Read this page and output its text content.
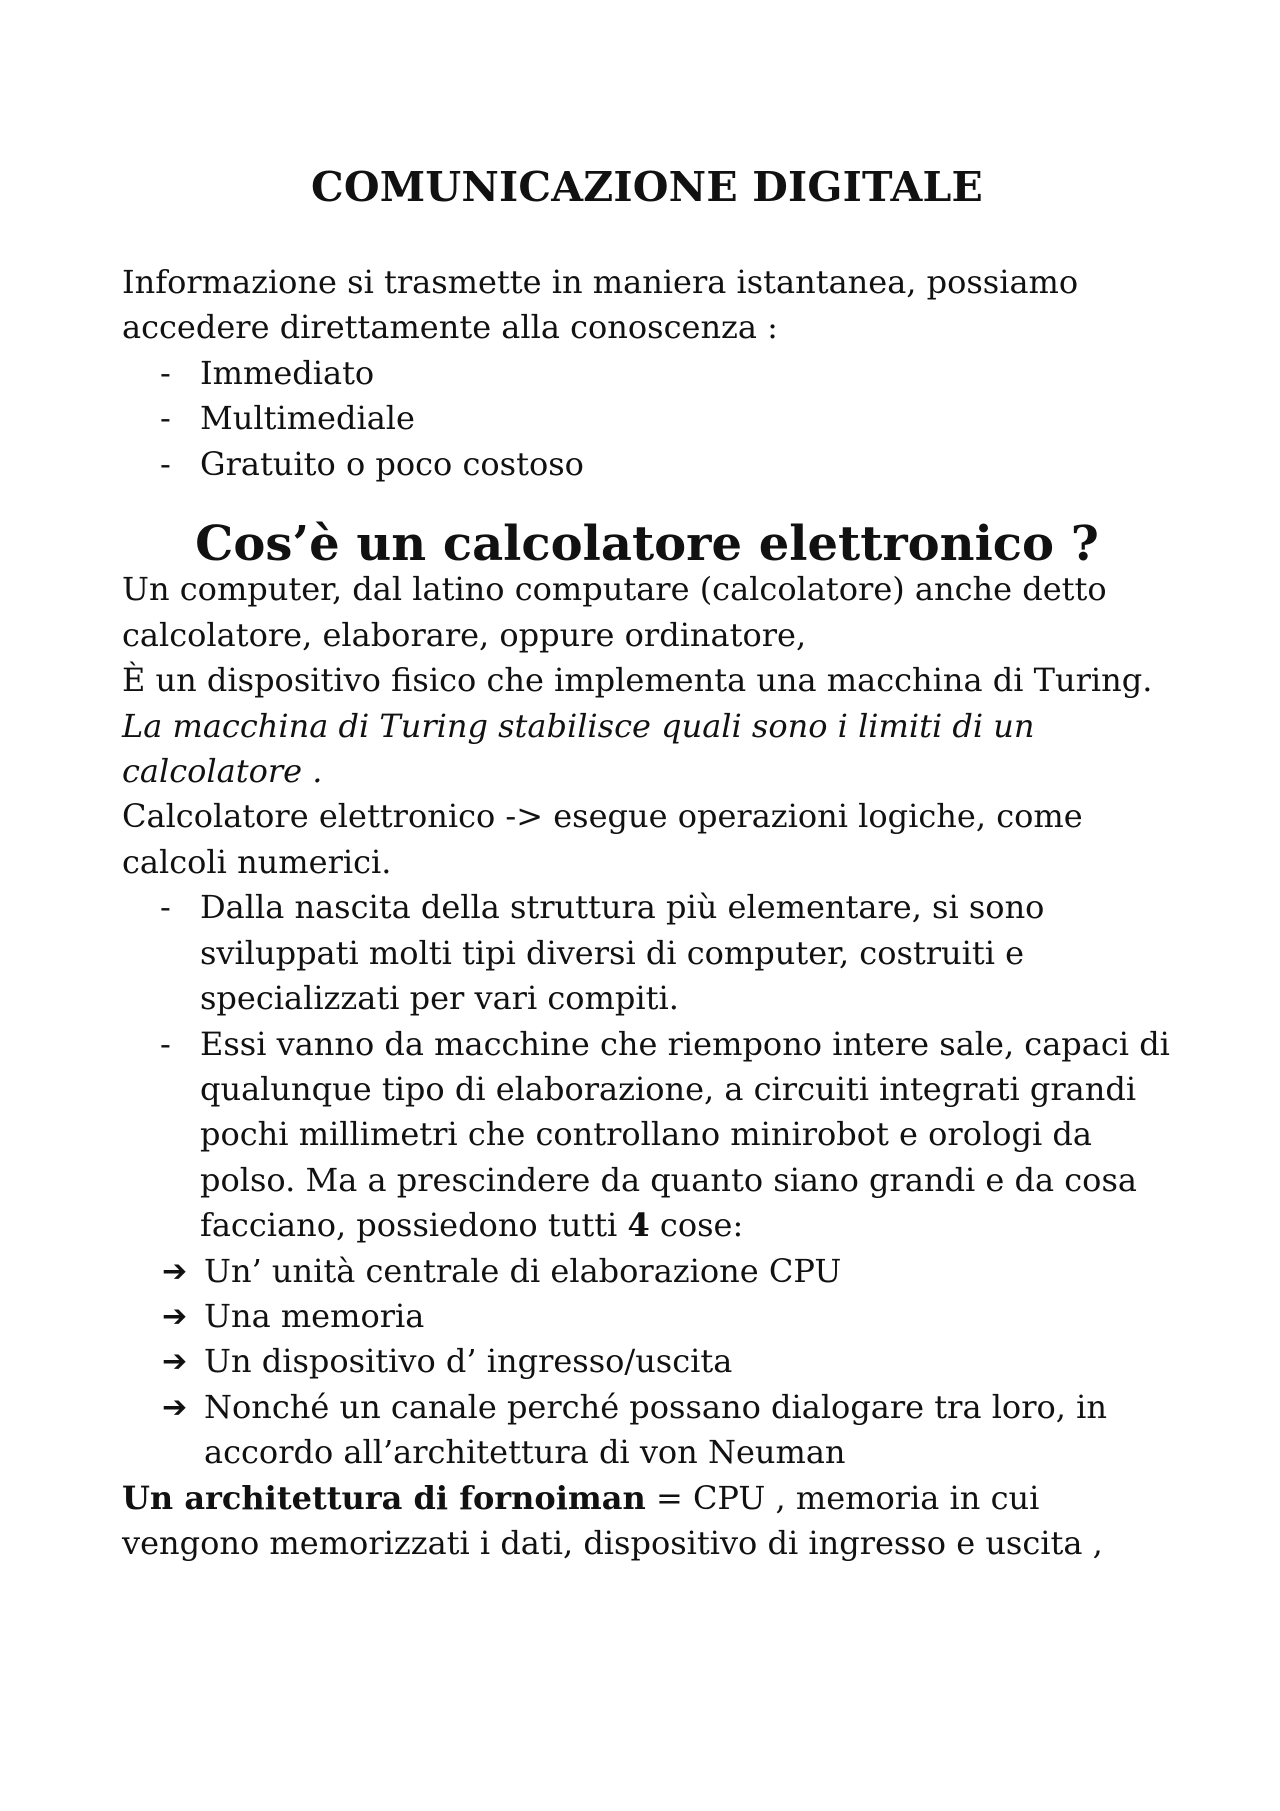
COMUNICAZIONE DIGITALE

Informazione si trasmette in maniera istantanea, possiamo accedere direttamente alla conoscenza :

- Immediato
- Multimediale
- Gratuito o poco costoso
Cos’è un calcolatore elettronico ?

Un computer, dal latino computare (calcolatore) anche detto calcolatore, elaborare, oppure ordinatore,

È un dispositivo fisico che implementa una macchina di Turing.

La macchina di Turing stabilisce quali sono i limiti di un calcolatore .

Calcolatore elettronico -> esegue operazioni logiche, come calcoli numerici.

- Dalla nascita della struttura più elementare, si sono sviluppati molti tipi diversi di computer, costruiti e specializzati per vari compiti.
- Essi vanno da macchine che riempono intere sale, capaci di qualunque tipo di elaborazione, a circuiti integrati grandi pochi millimetri che controllano minirobot e orologi da polso. Ma a prescindere da quanto siano grandi e da cosa facciano, possiedono tutti 4 cose:
➔ Un’ unità centrale di elaborazione CPU
➔ Una memoria
➔ Un dispositivo d’ ingresso/uscita
➔ Nonché un canale perché possano dialogare tra loro, in accordo all’architettura di von Neuman

Un architettura di fornoiman = CPU , memoria in cui vengono memorizzati i dati, dispositivo di ingresso e uscita ,
